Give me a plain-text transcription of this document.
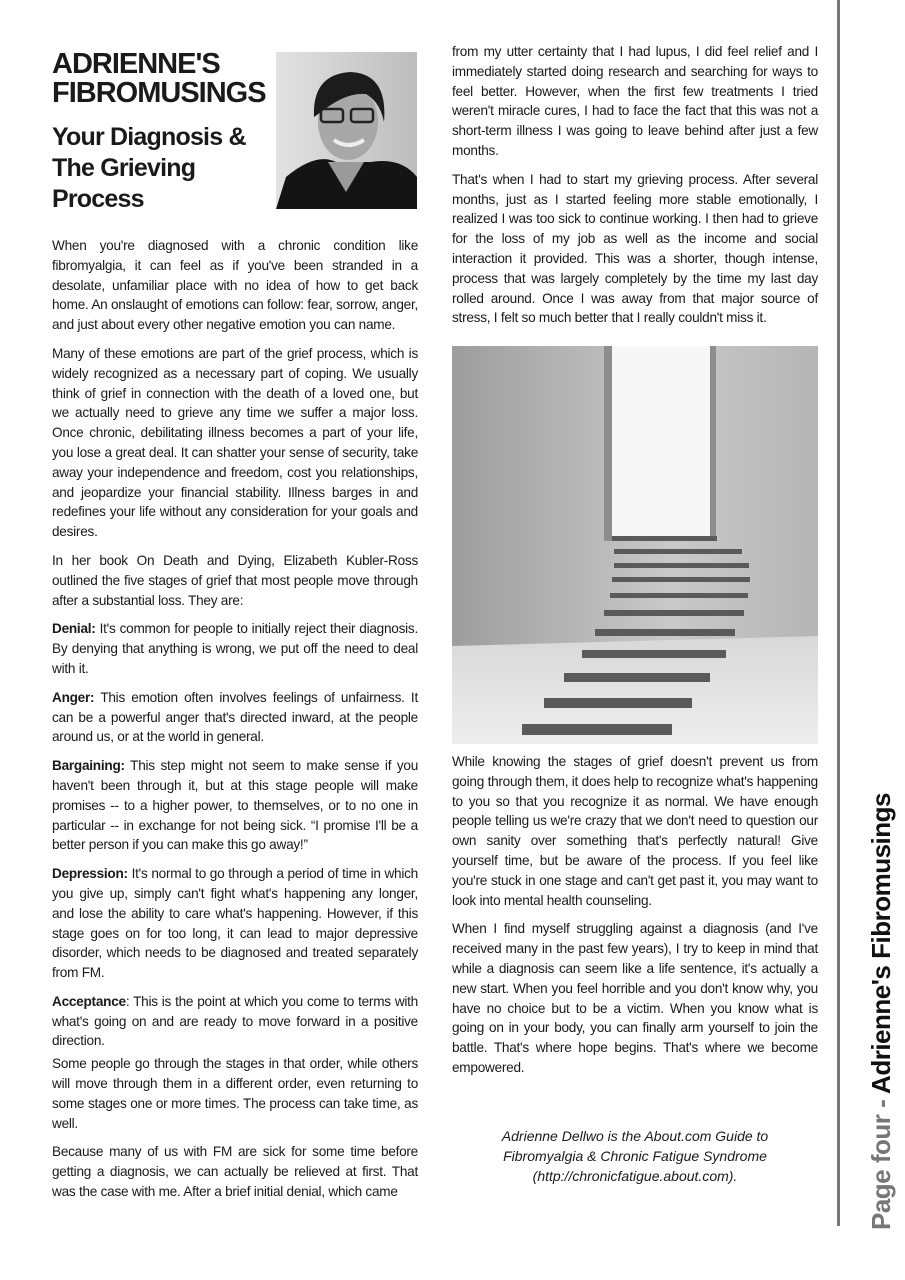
ADRIENNE'S FIBROMUSINGS
Your Diagnosis & The Grieving Process

When you're diagnosed with a chronic condition like fibromyalgia, it can feel as if you've been stranded in a desolate, unfamiliar place with no idea of how to get back home. An onslaught of emotions can follow: fear, sorrow, anger, and just about every other negative emotion you can name.

Many of these emotions are part of the grief process, which is widely recognized as a necessary part of coping. We usually think of grief in connection with the death of a loved one, but we actually need to grieve any time we suffer a major loss. Once chronic, debilitating illness becomes a part of your life, you lose a great deal. It can shatter your sense of security, take away your independence and freedom, cost you relationships, and jeopardize your financial stability. Illness barges in and redefines your life without any consideration for your goals and desires.

In her book On Death and Dying, Elizabeth Kubler-Ross outlined the five stages of grief that most people move through after a substantial loss. They are:

Denial: It's common for people to initially reject their diagnosis. By denying that anything is wrong, we put off the need to deal with it.

Anger: This emotion often involves feelings of unfairness. It can be a powerful anger that's directed inward, at the people around us, or at the world in general.

Bargaining: This step might not seem to make sense if you haven't been through it, but at this stage people will make promises -- to a higher power, to themselves, or to no one in particular -- in exchange for not being sick. “I promise I'll be a better person if you can make this go away!”

Depression: It's normal to go through a period of time in which you give up, simply can't fight what's happening any longer, and lose the ability to care what's happening. However, if this stage goes on for too long, it can lead to major depressive disorder, which needs to be diagnosed and treated separately from FM.

Acceptance: This is the point at which you come to terms with what's going on and are ready to move forward in a positive direction.

Some people go through the stages in that order, while others will move through them in a different order, even returning to some stages one or more times. The process can take time, as well.

Because many of us with FM are sick for some time before getting a diagnosis, we can actually be relieved at first. That was the case with me. After a brief initial denial, which came

from my utter certainty that I had lupus, I did feel relief and I immediately started doing research and searching for ways to feel better. However, when the first few treatments I tried weren't miracle cures, I had to face the fact that this was not a short-term illness I was going to leave behind after just a few months.

That's when I had to start my grieving process. After several months, just as I started feeling more stable emotionally, I realized I was too sick to continue working. I then had to grieve for the loss of my job as well as the income and social interaction it provided. This was a shorter, though intense, process that was largely completely by the time my last day rolled around. Once I was away from that major source of stress, I felt so much better that I really couldn't miss it.

While knowing the stages of grief doesn't prevent us from going through them, it does help to recognize what's happening to you so that you recognize it as normal. We have enough people telling us we're crazy that we don't need to question our own sanity over something that's perfectly natural! Give yourself time, but be aware of the process. If you feel like you're stuck in one stage and can't get past it, you may want to look into mental health counseling.

When I find myself struggling against a diagnosis (and I've received many in the past few years), I try to keep in mind that while a diagnosis can seem like a life sentence, it's actually a new start. When you feel horrible and you don't know why, you have no choice but to be a victim. When you know what is going on in your body, you can finally arm yourself to join the battle. That's where hope begins. That's where we become empowered.

Adrienne Dellwo is the About.com Guide to
Fibromyalgia & Chronic Fatigue Syndrome
(http://chronicfatigue.about.com).	Page four - Adrienne's Fibromusings
